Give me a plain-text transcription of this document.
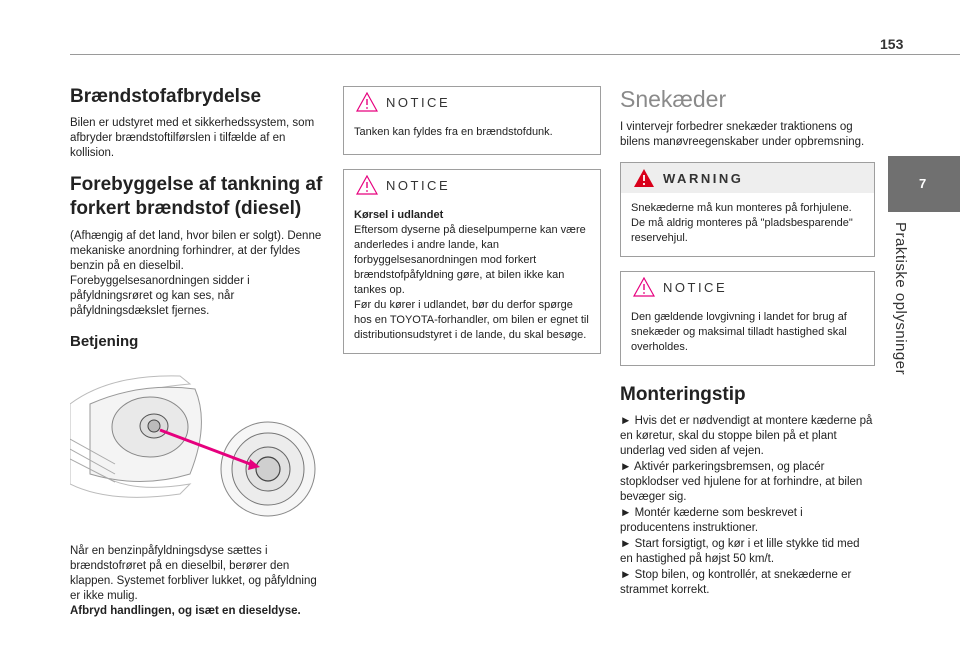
153
Brændstofafbrydelse

Bilen er udstyret med et sikkerhedssystem, som afbryder brændstoftilførslen i tilfælde af en kollision.

Forebyggelse af tankning af
forkert brændstof (diesel)

(Afhængig af det land, hvor bilen er solgt). Denne mekaniske anordning forhindrer, at der fyldes benzin på en dieselbil. Forebyggelsesanordningen sidder i påfyldningsrøret og kan ses, når påfyldningsdækslet fjernes.

Betjening

Når en benzinpåfyldningsdyse sættes i brændstofrøret på en dieselbil, berører den klappen. Systemet forbliver lukket, og påfyldning er ikke mulig.

Afbryd handlingen, og isæt en dieseldyse.

NOTICE

Tanken kan fyldes fra en brændstofdunk.

NOTICE

Kørsel i udlandet

Eftersom dyserne på dieselpumperne kan være anderledes i andre lande, kan forbyggelsesanordningen mod forkert brændstofpåfyldning gøre, at bilen ikke kan tankes op.

Før du kører i udlandet, bør du derfor spørge hos en TOYOTA-forhandler, om bilen er egnet til distributionsudstyret i de lande, du skal besøge.

Snekæder

I vintervejr forbedrer snekæder traktionens og bilens manøvreegenskaber under opbremsning.

WARNING

Snekæderne må kun monteres på forhjulene. De må aldrig monteres på "pladsbesparende" reservehjul.

NOTICE

Den gældende lovgivning i landet for brug af snekæder og maksimal tilladt hastighed skal overholdes.

Monteringstip

► Hvis det er nødvendigt at montere kæderne på en køretur, skal du stoppe bilen på et plant underlag ved siden af vejen.

► Aktivér parkeringsbremsen, og placér stopklodser ved hjulene for at forhindre, at bilen bevæger sig.

► Montér kæderne som beskrevet i producentens instruktioner.

► Start forsigtigt, og kør i et lille stykke tid med en hastighed på højst 50 km/t.

► Stop bilen, og kontrollér, at snekæderne er strammet korrekt.

7
Praktiske oplysninger
